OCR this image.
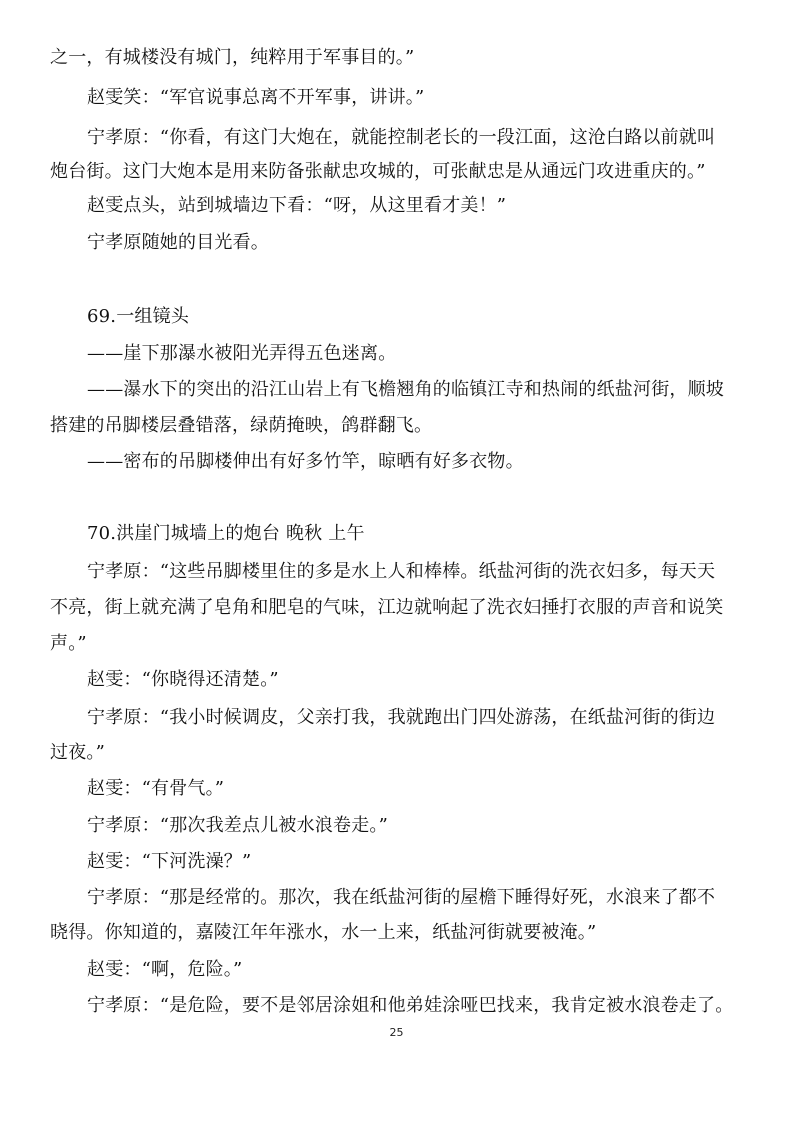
之一，有城楼没有城门，纯粹用于军事目的。”
赵雯笑：“军官说事总离不开军事，讲讲。”
宁孝原：“你看，有这门大炮在，就能控制老长的一段江面，这沧白路以前就叫
炮台街。这门大炮本是用来防备张献忠攻城的，可张献忠是从通远门攻进重庆的。”
赵雯点头，站到城墙边下看：“呀，从这里看才美！”
宁孝原随她的目光看。
69.一组镜头
——崖下那瀑水被阳光弄得五色迷离。
——瀑水下的突出的沿江山岩上有飞檐翘角的临镇江寺和热闹的纸盐河街，顺坡
搭建的吊脚楼层叠错落，绿荫掩映，鸽群翻飞。
——密布的吊脚楼伸出有好多竹竿，晾晒有好多衣物。
70.洪崖门城墙上的炮台 晚秋 上午
宁孝原：“这些吊脚楼里住的多是水上人和棒棒。纸盐河街的洗衣妇多，每天天
不亮，街上就充满了皂角和肥皂的气味，江边就响起了洗衣妇捶打衣服的声音和说笑
声。”
赵雯：“你晓得还清楚。”
宁孝原：“我小时候调皮，父亲打我，我就跑出门四处游荡，在纸盐河街的街边
过夜。”
赵雯：“有骨气。”
宁孝原：“那次我差点儿被水浪卷走。”
赵雯：“下河洗澡？”
宁孝原：“那是经常的。那次，我在纸盐河街的屋檐下睡得好死，水浪来了都不
晓得。你知道的，嘉陵江年年涨水，水一上来，纸盐河街就要被淹。”
赵雯：“啊，危险。”
宁孝原：“是危险，要不是邻居涂姐和他弟娃涂哑巴找来，我肯定被水浪卷走了。
25
